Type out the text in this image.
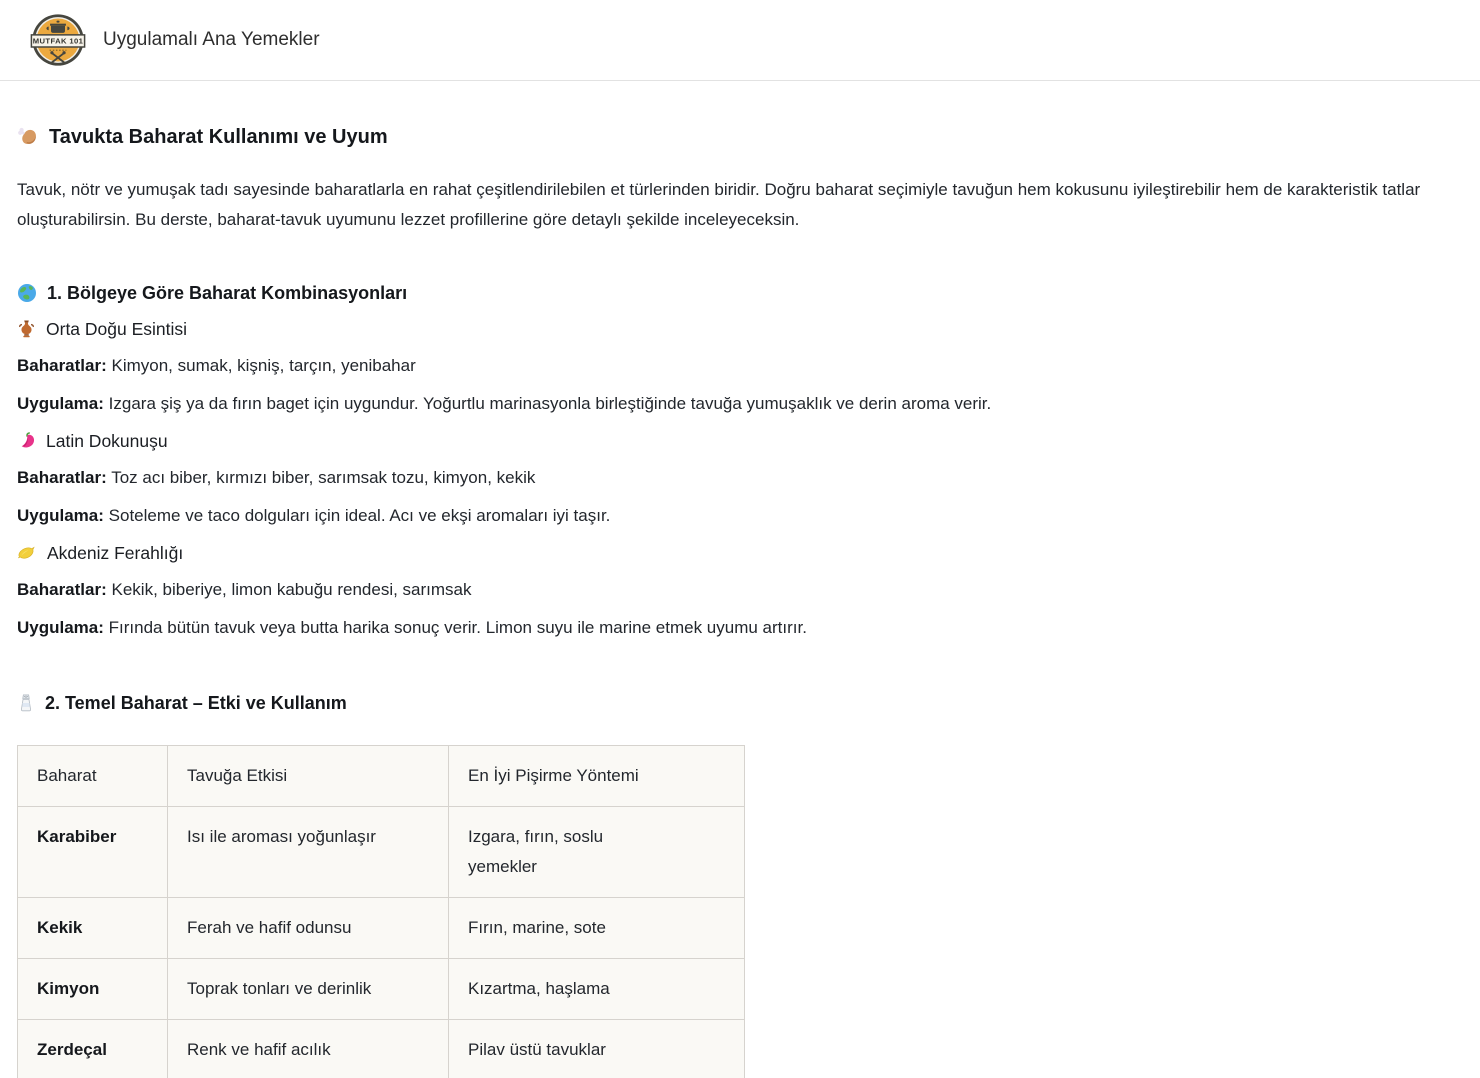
MUTFAK 101 Uygulamalı Ana Yemekler
Tavukta Baharat Kullanımı ve Uyum

Tavuk, nötr ve yumuşak tadı sayesinde baharatlarla en rahat çeşitlendirilebilen et türlerinden biridir. Doğru baharat seçimiyle tavuğun hem kokusunu iyileştirebilir hem de karakteristik tatlar oluşturabilirsin. Bu derste, baharat-tavuk uyumunu lezzet profillerine göre detaylı şekilde inceleyeceksin.

1. Bölgeye Göre Baharat Kombinasyonları
Orta Doğu Esintisi

Baharatlar: Kimyon, sumak, kişniş, tarçın, yenibahar

Uygulama: Izgara şiş ya da fırın baget için uygundur. Yoğurtlu marinasyonla birleştiğinde tavuğa yumuşaklık ve derin aroma verir.

Latin Dokunuşu

Baharatlar: Toz acı biber, kırmızı biber, sarımsak tozu, kimyon, kekik

Uygulama: Soteleme ve taco dolguları için ideal. Acı ve ekşi aromaları iyi taşır.

Akdeniz Ferahlığı

Baharatlar: Kekik, biberiye, limon kabuğu rendesi, sarımsak

Uygulama: Fırında bütün tavuk veya butta harika sonuç verir. Limon suyu ile marine etmek uyumu artırır.

2. Temel Baharat – Etki ve Kullanım
Baharat	Tavuğa Etkisi	En İyi Pişirme Yöntemi
Karabiber	Isı ile aroması yoğunlaşır	Izgara, fırın, soslu yemekler
Kekik	Ferah ve hafif odunsu	Fırın, marine, sote
Kimyon	Toprak tonları ve derinlik	Kızartma, haşlama
Zerdeçal	Renk ve hafif acılık	Pilav üstü tavuklar
